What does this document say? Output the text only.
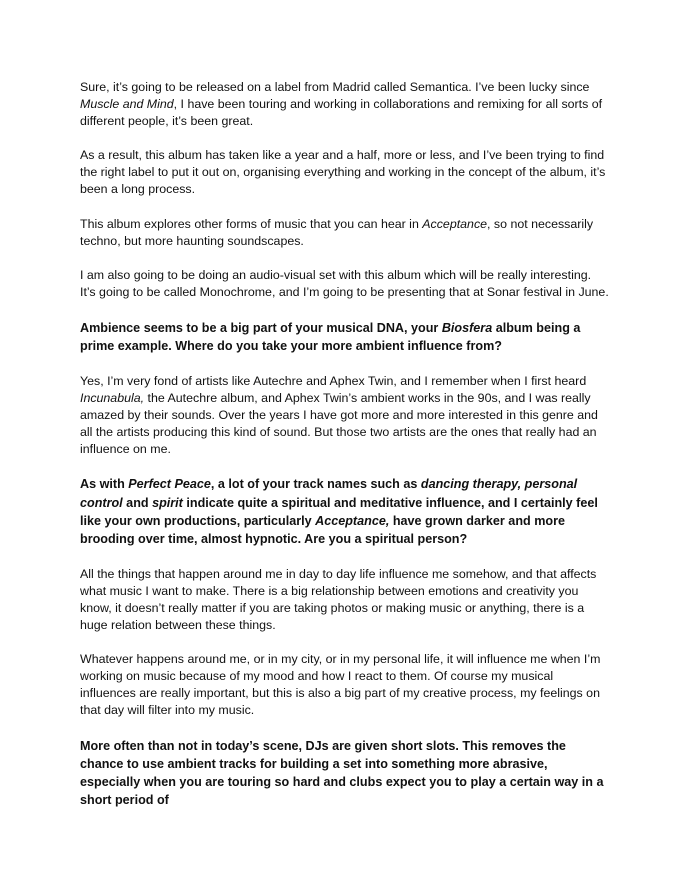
Sure, it’s going to be released on a label from Madrid called Semantica. I’ve been lucky since Muscle and Mind, I have been touring and working in collaborations and remixing for all sorts of different people, it’s been great.

As a result, this album has taken like a year and a half, more or less, and I’ve been trying to find the right label to put it out on, organising everything and working in the concept of the album, it’s been a long process.

This album explores other forms of music that you can hear in Acceptance, so not necessarily techno, but more haunting soundscapes.

I am also going to be doing an audio-visual set with this album which will be really interesting. It’s going to be called Monochrome, and I’m going to be presenting that at Sonar festival in June.

Ambience seems to be a big part of your musical DNA, your Biosfera album being a prime example. Where do you take your more ambient influence from?

Yes, I’m very fond of artists like Autechre and Aphex Twin, and I remember when I first heard Incunabula, the Autechre album, and Aphex Twin’s ambient works in the 90s, and I was really amazed by their sounds. Over the years I have got more and more interested in this genre and all the artists producing this kind of sound. But those two artists are the ones that really had an influence on me.

As with Perfect Peace, a lot of your track names such as dancing therapy, personal control and spirit indicate quite a spiritual and meditative influence, and I certainly feel like your own productions, particularly Acceptance, have grown darker and more brooding over time, almost hypnotic. Are you a spiritual person?

All the things that happen around me in day to day life influence me somehow, and that affects what music I want to make. There is a big relationship between emotions and creativity you know, it doesn’t really matter if you are taking photos or making music or anything, there is a huge relation between these things.

Whatever happens around me, or in my city, or in my personal life, it will influence me when I’m working on music because of my mood and how I react to them. Of course my musical influences are really important, but this is also a big part of my creative process, my feelings on that day will filter into my music.

More often than not in today’s scene, DJs are given short slots. This removes the chance to use ambient tracks for building a set into something more abrasive, especially when you are touring so hard and clubs expect you to play a certain way in a short period of
